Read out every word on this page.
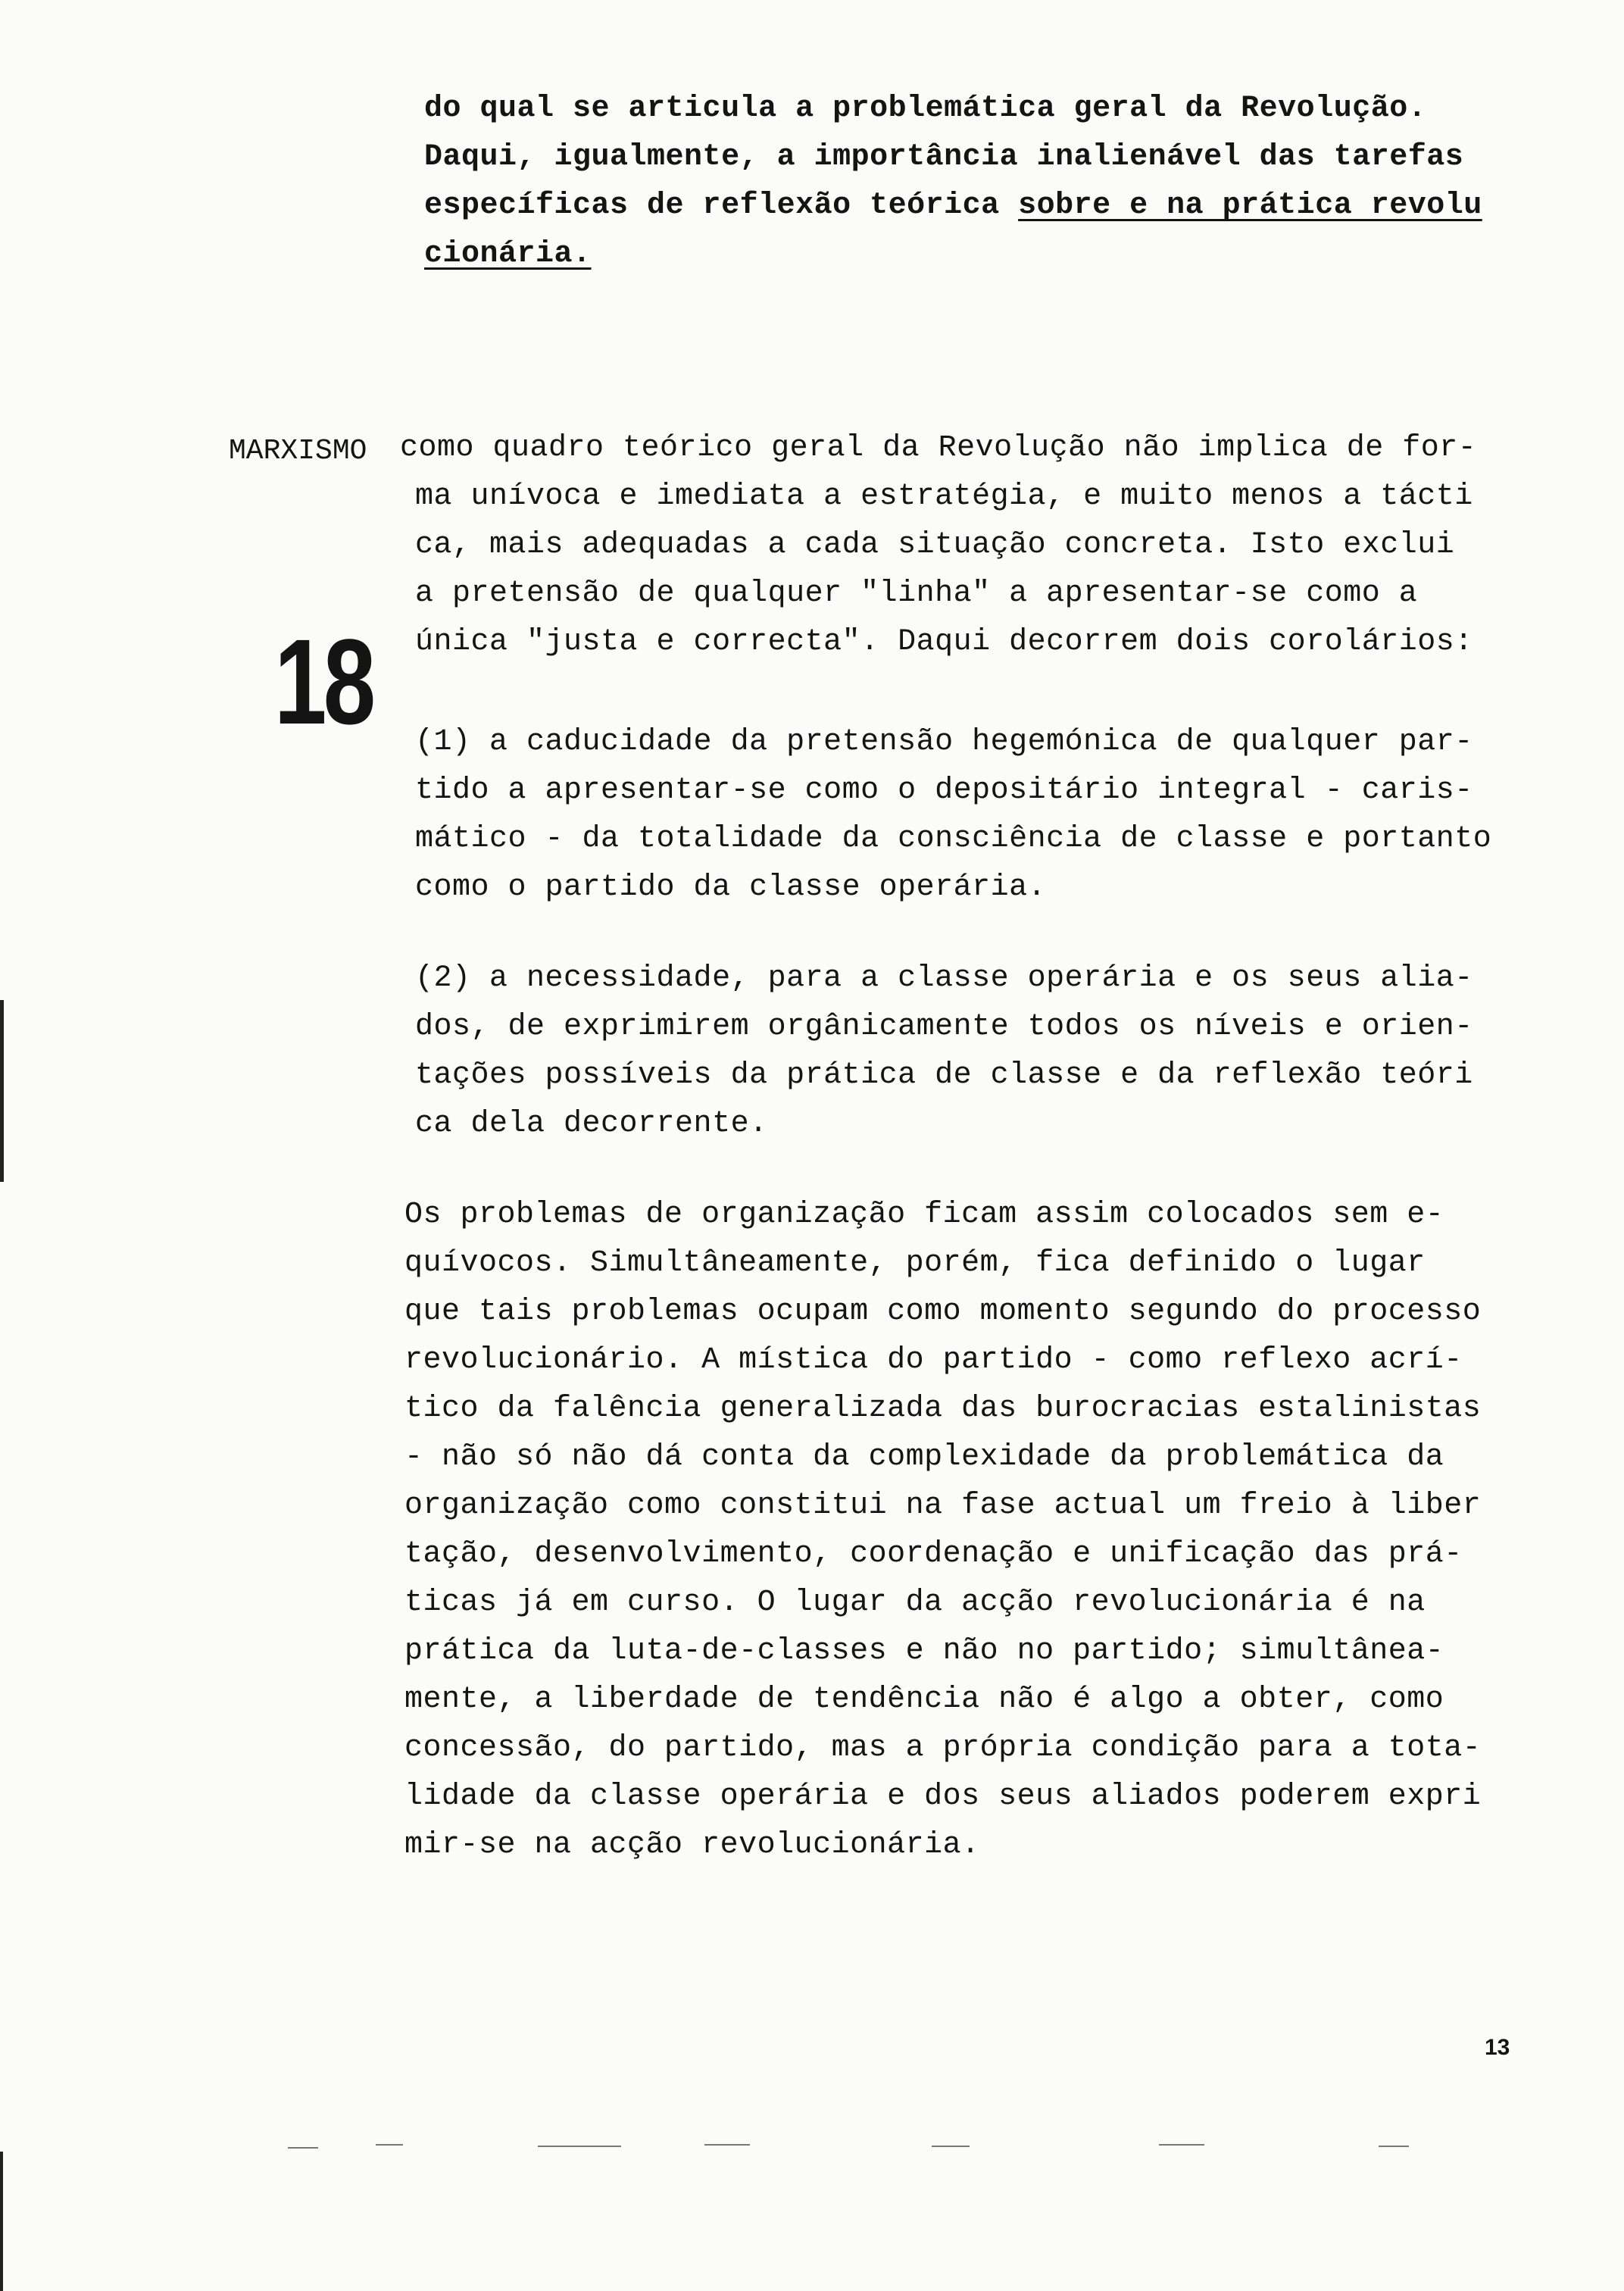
do qual se articula a problemática geral da Revolução.
Daqui, igualmente, a importância inalienável das tarefas
específicas de reflexão teórica sobre e na prática revolu
cionária.
MARXISMO
18
como quadro teórico geral da Revolução não implica de for-
ma unívoca e imediata a estratégia, e muito menos a tácti
ca, mais adequadas a cada situação concreta. Isto exclui
a pretensão de qualquer "linha" a apresentar-se como a
única "justa e correcta". Daqui decorrem dois corolários:
(1) a caducidade da pretensão hegemónica de qualquer par-
tido a apresentar-se como o depositário integral - caris-
mático - da totalidade da consciência de classe e portanto
como o partido da classe operária.
(2) a necessidade, para a classe operária e os seus alia-
dos, de exprimirem orgânicamente todos os níveis e orien-
tações possíveis da prática de classe e da reflexão teóri
ca dela decorrente.
Os problemas de organização ficam assim colocados sem e-
quívocos. Simultâneamente, porém, fica definido o lugar
que tais problemas ocupam como momento segundo do processo
revolucionário. A mística do partido - como reflexo acrí-
tico da falência generalizada das burocracias estalinistas
- não só não dá conta da complexidade da problemática da
organização como constitui na fase actual um freio à liber
tação, desenvolvimento, coordenação e unificação das prá-
ticas já em curso. O lugar da acção revolucionária é na
prática da luta-de-classes e não no partido; simultânea-
mente, a liberdade de tendência não é algo a obter, como
concessão, do partido, mas a própria condição para a tota-
lidade da classe operária e dos seus aliados poderem expri
mir-se na acção revolucionária.
13
